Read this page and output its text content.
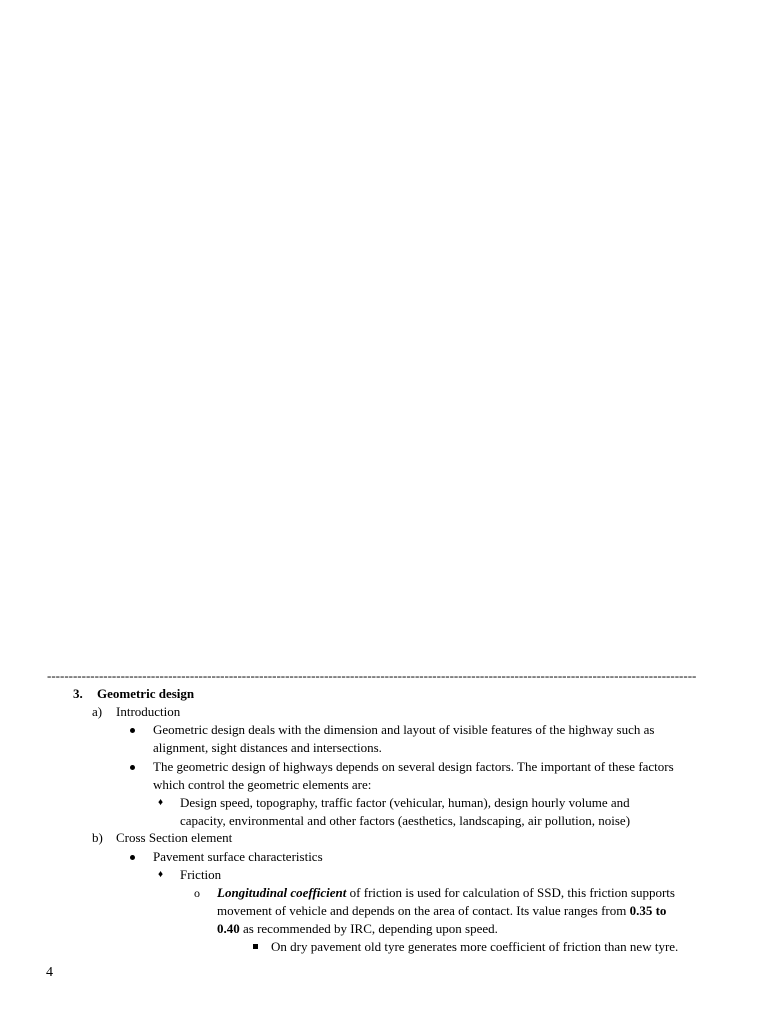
------------------------------------------------------------------------------------------------------------------------------------------------------
3. Geometric design
a) Introduction
Geometric design deals with the dimension and layout of visible features of the highway such as
alignment, sight distances and intersections.
The geometric design of highways depends on several design factors. The important of these factors
which control the geometric elements are:
♦ Design speed, topography, traffic factor (vehicular, human), design hourly volume and
capacity, environmental and other factors (aesthetics, landscaping, air pollution, noise)
b) Cross Section element
Pavement surface characteristics
♦ Friction
o Longitudinal coefficient of friction is used for calculation of SSD, this friction supports
movement of vehicle and depends on the area of contact. Its value ranges from 0.35 to
0.40 as recommended by IRC, depending upon speed.
On dry pavement old tyre generates more coefficient of friction than new tyre.
4
